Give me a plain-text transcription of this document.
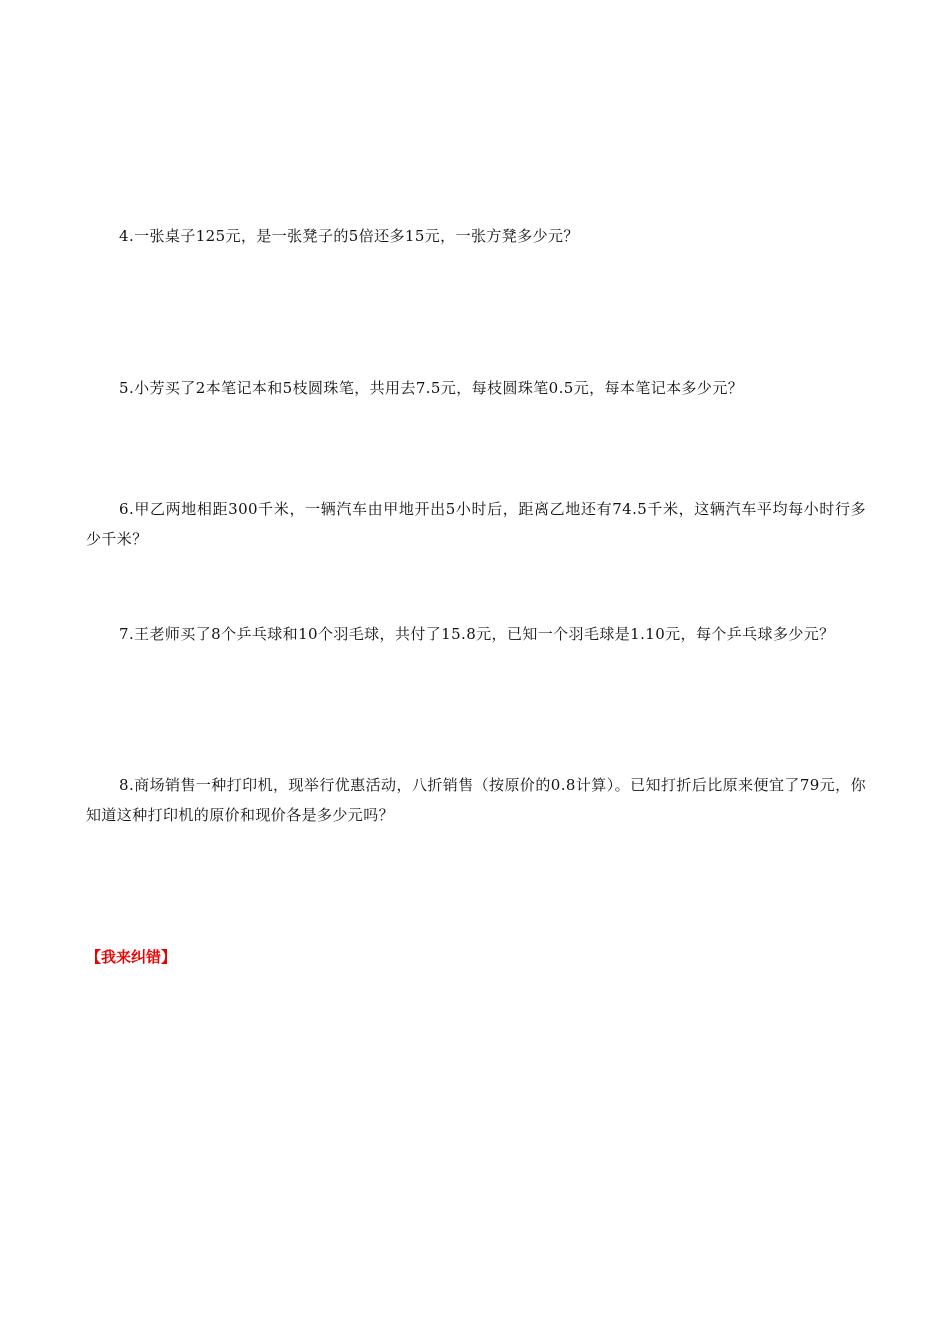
4.一张桌子125元，是一张凳子的5倍还多15元，一张方凳多少元？
5.小芳买了2本笔记本和5枝圆珠笔，共用去7.5元，每枝圆珠笔0.5元，每本笔记本多少元？
6.甲乙两地相距300千米，一辆汽车由甲地开出5小时后，距离乙地还有74.5千米，这辆汽车平均每小时行多少千米？
7.王老师买了8个乒乓球和10个羽毛球，共付了15.8元，已知一个羽毛球是1.10元，每个乒乓球多少元？
8.商场销售一种打印机，现举行优惠活动，八折销售（按原价的0.8计算）。已知打折后比原来便宜了79元，你知道这种打印机的原价和现价各是多少元吗？
【我来纠错】
